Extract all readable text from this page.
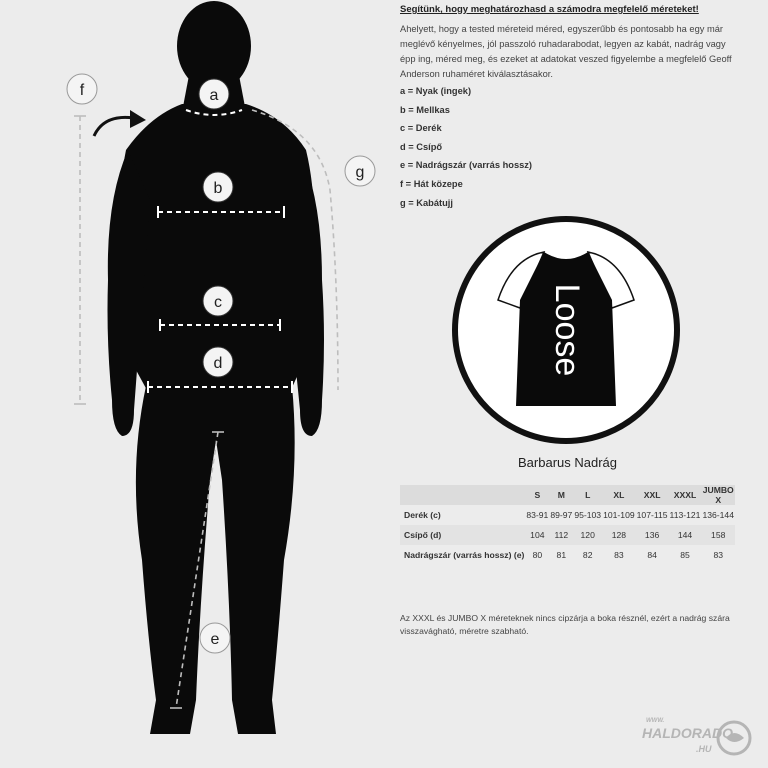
a
b
c
d
e
f
g
Loose
Segítünk, hogy meghatározhasd a számodra megfelelő méreteket!
Ahelyett, hogy a tested méreteid méred, egyszerűbb és pontosabb ha egy már meglévő kényelmes, jól passzoló ruhadarabodat, legyen az kabát, nadrág vagy épp ing, méred meg, és ezeket at adatokat veszed figyelembe a megfelelő Geoff Anderson ruhaméret kiválasztásakor.
a = Nyak (ingek)
b = Mellkas
c = Derék
d = Csípő
e = Nadrágszár (varrás hossz)
f = Hát közepe
g = Kabátujj
Barbarus Nadrág
	S	M	L	XL	XXL	XXXL	JUMBO X
Derék (c)	83-91	89-97	95-103	101-109	107-115	113-121	136-144
Csípő (d)	104	112	120	128	136	144	158
Nadrágszár (varrás hossz) (e)	80	81	82	83	84	85	83
Az XXXL és JUMBO X méreteknek nincs cipzárja a boka résznél, ezért a nadrág szára visszavágható, méretre szabható.
WWW.
HALDORADO
.HU
